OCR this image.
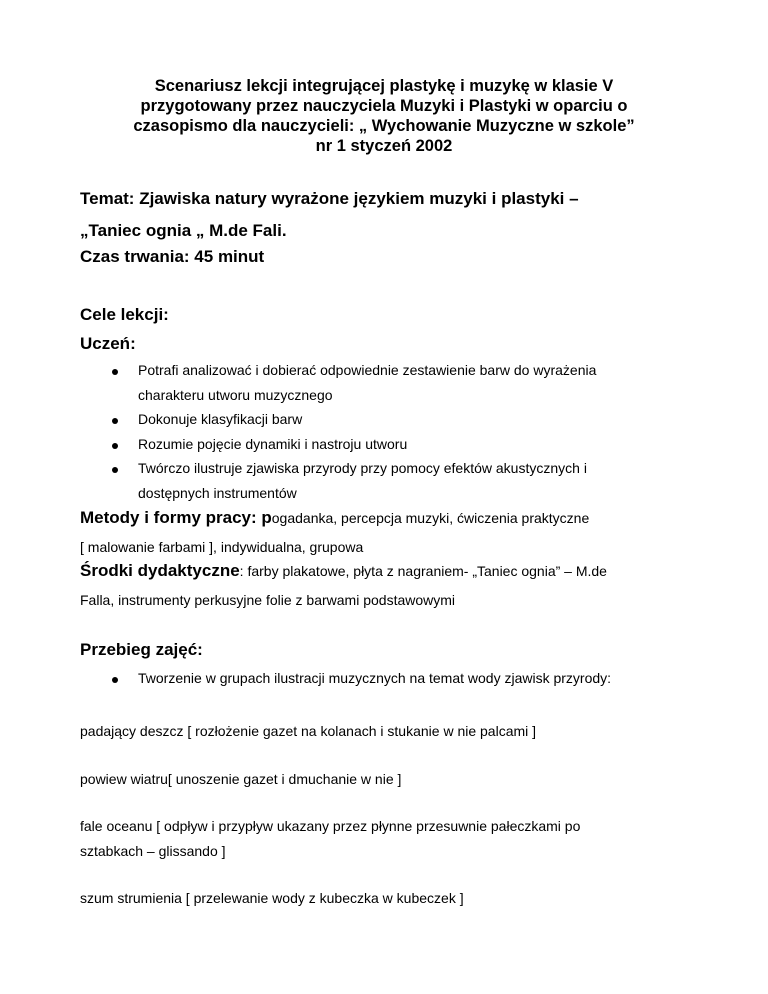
Scenariusz lekcji integrującej plastykę i muzykę w klasie V
przygotowany przez nauczyciela Muzyki i Plastyki w oparciu o
czasopismo dla nauczycieli: „ Wychowanie Muzyczne w szkole”
nr 1 styczeń 2002
Temat: Zjawiska natury wyrażone językiem muzyki i plastyki –
„Taniec ognia „ M.de Fali.
Czas trwania: 45 minut
Cele lekcji:
Uczeń:
Potrafi analizować i dobierać odpowiednie zestawienie barw do wyrażenia
charakteru utworu muzycznego
Dokonuje klasyfikacji barw
Rozumie pojęcie dynamiki i nastroju utworu
Twórczo ilustruje zjawiska przyrody przy pomocy efektów akustycznych i
dostępnych instrumentów
Metody i formy pracy: pogadanka, percepcja muzyki, ćwiczenia praktyczne
[ malowanie farbami ], indywidualna, grupowa
Środki dydaktyczne: farby plakatowe, płyta z nagraniem- „Taniec ognia” – M.de
Falla, instrumenty perkusyjne folie z barwami podstawowymi
Przebieg zajęć:
Tworzenie w grupach ilustracji muzycznych na temat wody zjawisk przyrody:
padający deszcz [ rozłożenie gazet na kolanach i stukanie w nie palcami ]
powiew wiatru[ unoszenie gazet i dmuchanie w nie ]
fale oceanu [ odpływ i przypływ ukazany przez płynne przesuwnie pałeczkami po
sztabkach – glissando ]
szum strumienia [ przelewanie wody z kubeczka w kubeczek ]
